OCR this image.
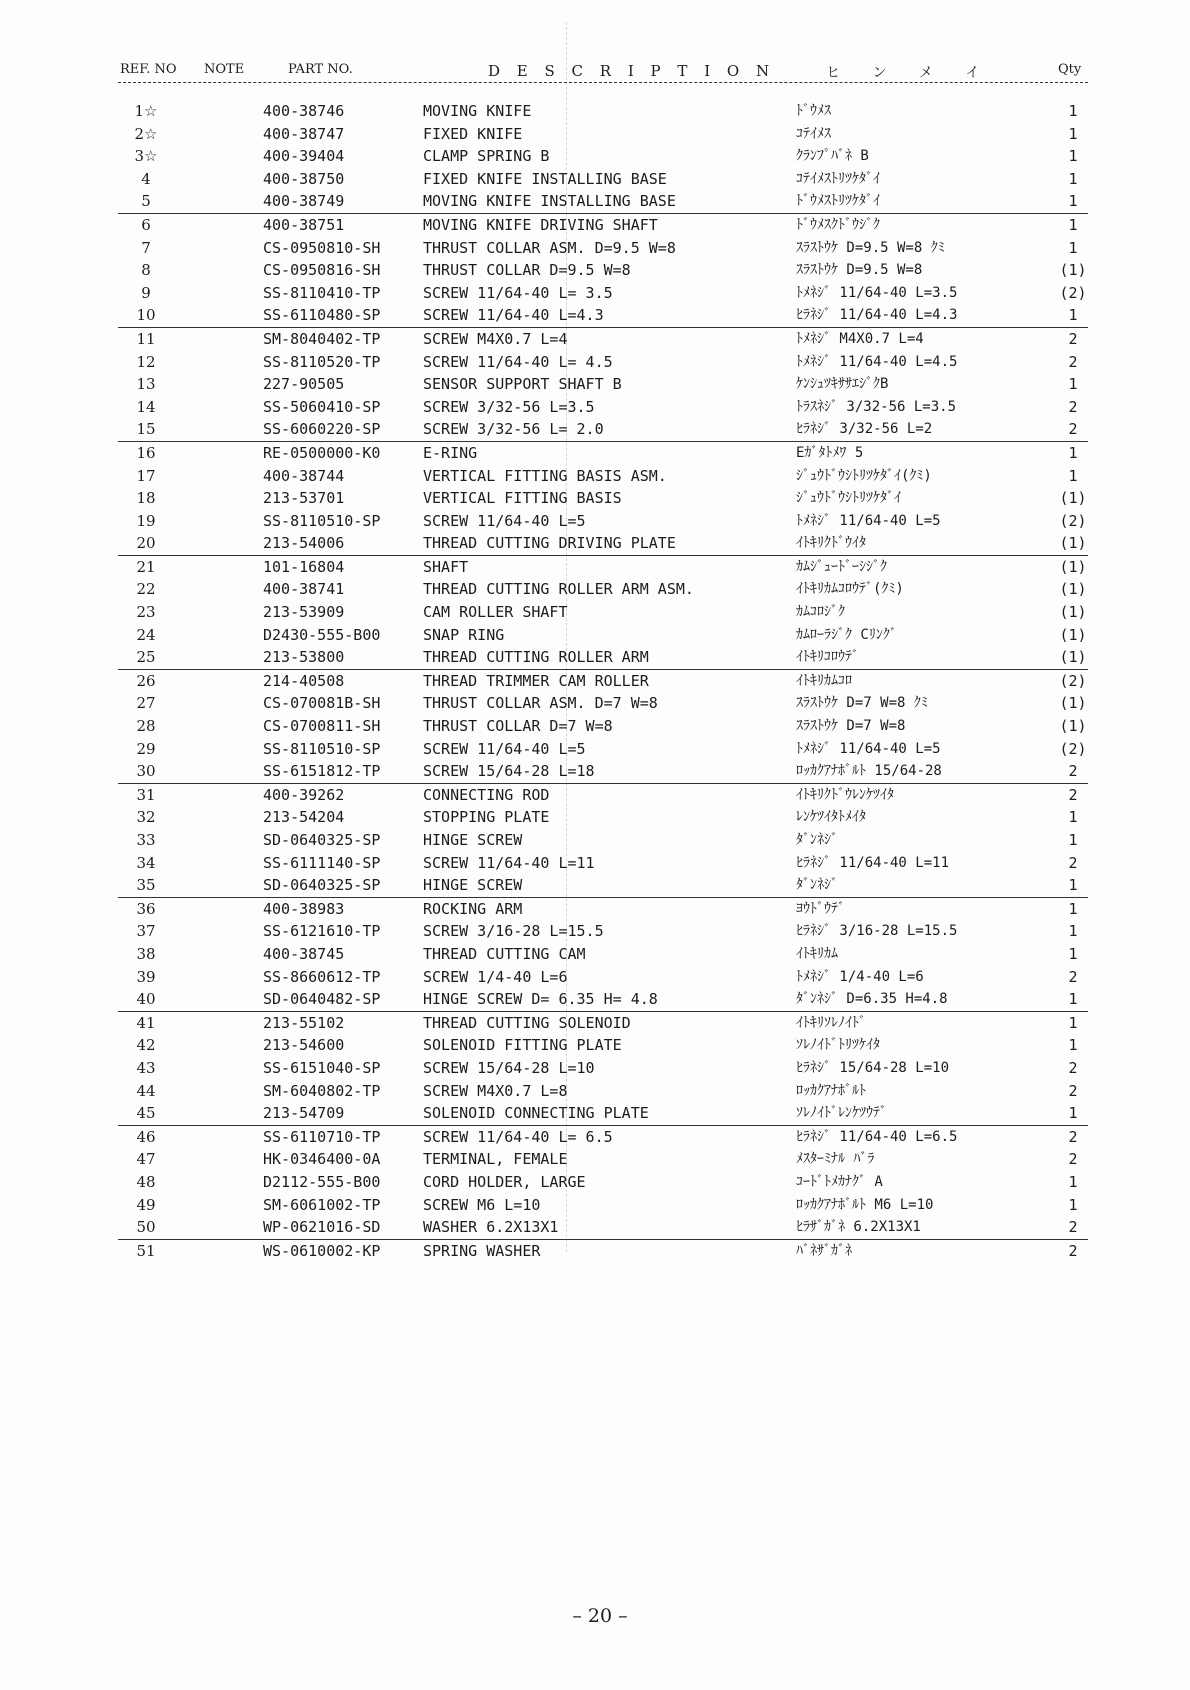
REF. NO NOTE	PART NO.	D E S C R I P T I O N	ヒ ン メ イ	Qty
1☆	400-38746	MOVING KNIFE	ﾄﾞｳﾒｽ	1
2☆	400-38747	FIXED KNIFE	ｺﾃｲﾒｽ	1
3☆	400-39404	CLAMP SPRING B	ｸﾗﾝﾌﾟﾊﾞﾈ B	1
4	400-38750	FIXED KNIFE INSTALLING BASE	ｺﾃｲﾒｽﾄﾘﾂｹﾀﾞｲ	1
5	400-38749	MOVING KNIFE INSTALLING BASE	ﾄﾞｳﾒｽﾄﾘﾂｹﾀﾞｲ	1
6	400-38751	MOVING KNIFE DRIVING SHAFT	ﾄﾞｳﾒｽｸﾄﾞｳｼﾞｸ	1
7	CS-0950810-SH	THRUST COLLAR ASM. D=9.5 W=8	ｽﾗｽﾄｳｹ D=9.5 W=8 ｸﾐ	1
8	CS-0950816-SH	THRUST COLLAR D=9.5 W=8	ｽﾗｽﾄｳｹ D=9.5 W=8	(1)
9	SS-8110410-TP	SCREW 11/64-40 L= 3.5	ﾄﾒﾈｼﾞ 11/64-40 L=3.5	(2)
10	SS-6110480-SP	SCREW 11/64-40 L=4.3	ﾋﾗﾈｼﾞ 11/64-40 L=4.3	1
11	SM-8040402-TP	SCREW M4X0.7 L=4	ﾄﾒﾈｼﾞ M4X0.7 L=4	2
12	SS-8110520-TP	SCREW 11/64-40 L= 4.5	ﾄﾒﾈｼﾞ 11/64-40 L=4.5	2
13	227-90505	SENSOR SUPPORT SHAFT B	ｹﾝｼｭﾂｷｻｻｴｼﾞｸB	1
14	SS-5060410-SP	SCREW 3/32-56 L=3.5	ﾄﾗｽﾈｼﾞ 3/32-56 L=3.5	2
15	SS-6060220-SP	SCREW 3/32-56 L= 2.0	ﾋﾗﾈｼﾞ 3/32-56 L=2	2
16	RE-0500000-K0	E-RING	Eｶﾞﾀﾄﾒﾜ 5	1
17	400-38744	VERTICAL FITTING BASIS ASM.	ｼﾞｭｳﾄﾞｳｼﾄﾘﾂｹﾀﾞｲ(ｸﾐ)	1
18	213-53701	VERTICAL FITTING BASIS	ｼﾞｭｳﾄﾞｳｼﾄﾘﾂｹﾀﾞｲ	(1)
19	SS-8110510-SP	SCREW 11/64-40 L=5	ﾄﾒﾈｼﾞ 11/64-40 L=5	(2)
20	213-54006	THREAD CUTTING DRIVING PLATE	ｲﾄｷﾘｸﾄﾞｳｲﾀ	(1)
21	101-16804	SHAFT	ｶﾑｼﾞｭｰﾄﾞｰｼｼﾞｸ	(1)
22	400-38741	THREAD CUTTING ROLLER ARM ASM.	ｲﾄｷﾘｶﾑｺﾛｳﾃﾞ(ｸﾐ)	(1)
23	213-53909	CAM ROLLER SHAFT	ｶﾑｺﾛｼﾞｸ	(1)
24	D2430-555-B00	SNAP RING	ｶﾑﾛｰﾗｼﾞｸ Cﾘﾝｸﾞ	(1)
25	213-53800	THREAD CUTTING ROLLER ARM	ｲﾄｷﾘｺﾛｳﾃﾞ	(1)
26	214-40508	THREAD TRIMMER CAM ROLLER	ｲﾄｷﾘｶﾑｺﾛ	(2)
27	CS-070081B-SH	THRUST COLLAR ASM. D=7 W=8	ｽﾗｽﾄｳｹ D=7 W=8 ｸﾐ	(1)
28	CS-0700811-SH	THRUST COLLAR D=7 W=8	ｽﾗｽﾄｳｹ D=7 W=8	(1)
29	SS-8110510-SP	SCREW 11/64-40 L=5	ﾄﾒﾈｼﾞ 11/64-40 L=5	(2)
30	SS-6151812-TP	SCREW 15/64-28 L=18	ﾛｯｶｸｱﾅﾎﾞﾙﾄ 15/64-28	2
31	400-39262	CONNECTING ROD	ｲﾄｷﾘｸﾄﾞｳﾚﾝｹﾂｲﾀ	2
32	213-54204	STOPPING PLATE	ﾚﾝｹﾂｲﾀﾄﾒｲﾀ	1
33	SD-0640325-SP	HINGE SCREW	ﾀﾞﾝﾈｼﾞ	1
34	SS-6111140-SP	SCREW 11/64-40 L=11	ﾋﾗﾈｼﾞ 11/64-40 L=11	2
35	SD-0640325-SP	HINGE SCREW	ﾀﾞﾝﾈｼﾞ	1
36	400-38983	ROCKING ARM	ﾖｳﾄﾞｳﾃﾞ	1
37	SS-6121610-TP	SCREW 3/16-28 L=15.5	ﾋﾗﾈｼﾞ 3/16-28 L=15.5	1
38	400-38745	THREAD CUTTING CAM	ｲﾄｷﾘｶﾑ	1
39	SS-8660612-TP	SCREW 1/4-40 L=6	ﾄﾒﾈｼﾞ 1/4-40 L=6	2
40	SD-0640482-SP	HINGE SCREW D= 6.35 H= 4.8	ﾀﾞﾝﾈｼﾞ D=6.35 H=4.8	1
41	213-55102	THREAD CUTTING SOLENOID	ｲﾄｷﾘｿﾚﾉｲﾄﾞ	1
42	213-54600	SOLENOID FITTING PLATE	ｿﾚﾉｲﾄﾞﾄﾘﾂｹｲﾀ	1
43	SS-6151040-SP	SCREW 15/64-28 L=10	ﾋﾗﾈｼﾞ 15/64-28 L=10	2
44	SM-6040802-TP	SCREW M4X0.7 L=8	ﾛｯｶｸｱﾅﾎﾞﾙﾄ	2
45	213-54709	SOLENOID CONNECTING PLATE	ｿﾚﾉｲﾄﾞﾚﾝｹﾂｳﾃﾞ	1
46	SS-6110710-TP	SCREW 11/64-40 L= 6.5	ﾋﾗﾈｼﾞ 11/64-40 L=6.5	2
47	HK-0346400-0A	TERMINAL, FEMALE	ﾒｽﾀｰﾐﾅﾙ ﾊﾞﾗ	2
48	D2112-555-B00	CORD HOLDER, LARGE	ｺｰﾄﾞﾄﾒｶﾅｸﾞ A	1
49	SM-6061002-TP	SCREW M6 L=10	ﾛｯｶｸｱﾅﾎﾞﾙﾄ M6 L=10	1
50	WP-0621016-SD	WASHER 6.2X13X1	ﾋﾗｻﾞｶﾞﾈ 6.2X13X1	2
51	WS-0610002-KP	SPRING WASHER	ﾊﾞﾈｻﾞｶﾞﾈ	2
– 20 –
